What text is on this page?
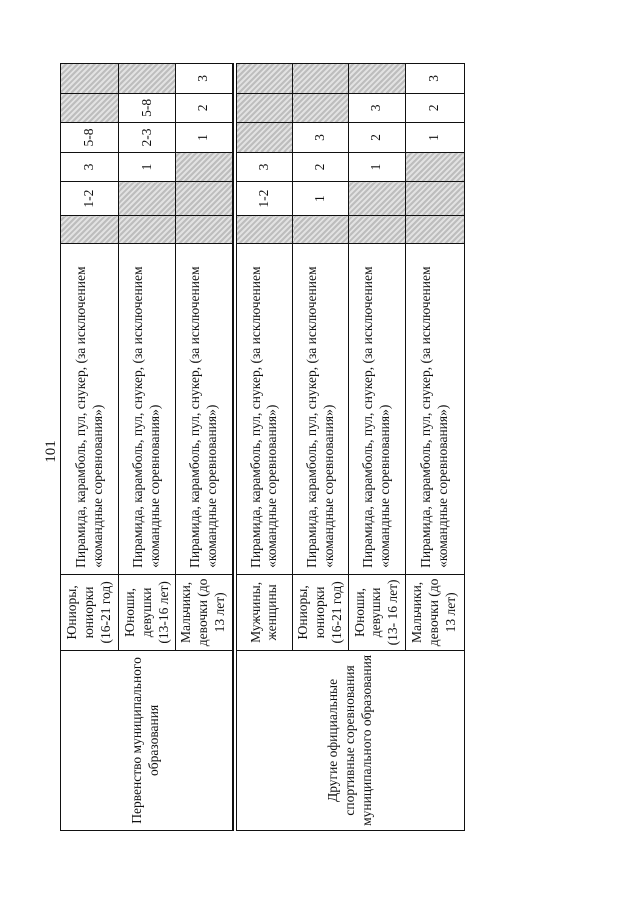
101
Первенство муниципального образования	Юниоры, юниорки (16-21 год)	Пирамида, карамболь, пул, снукер, (за исключением «командные соревнования»)		1-2	3	5-8		
	Юноши, девушки (13-16 лет)	Пирамида, карамболь, пул, снукер, (за исключением «командные соревнования»)			1	2-3	5-8	
	Мальчики, девочки (до 13 лет)	Пирамида, карамболь, пул, снукер, (за исключением «командные соревнования»)				1	2	3

Другие официальные спортивные соревнования муниципального образования	Мужчины, женщины	Пирамида, карамболь, пул, снукер, (за исключением «командные соревнования»)		1-2	3			
	Юниоры, юниорки (16-21 год)	Пирамида, карамболь, пул, снукер, (за исключением «командные соревнования»)		1	2	3		
	Юноши, девушки (13- 16 лет)	Пирамида, карамболь, пул, снукер, (за исключением «командные соревнования»)			1	2	3	
	Мальчики, девочки (до 13 лет)	Пирамида, карамболь, пул, снукер, (за исключением «командные соревнования»)				1	2	3
